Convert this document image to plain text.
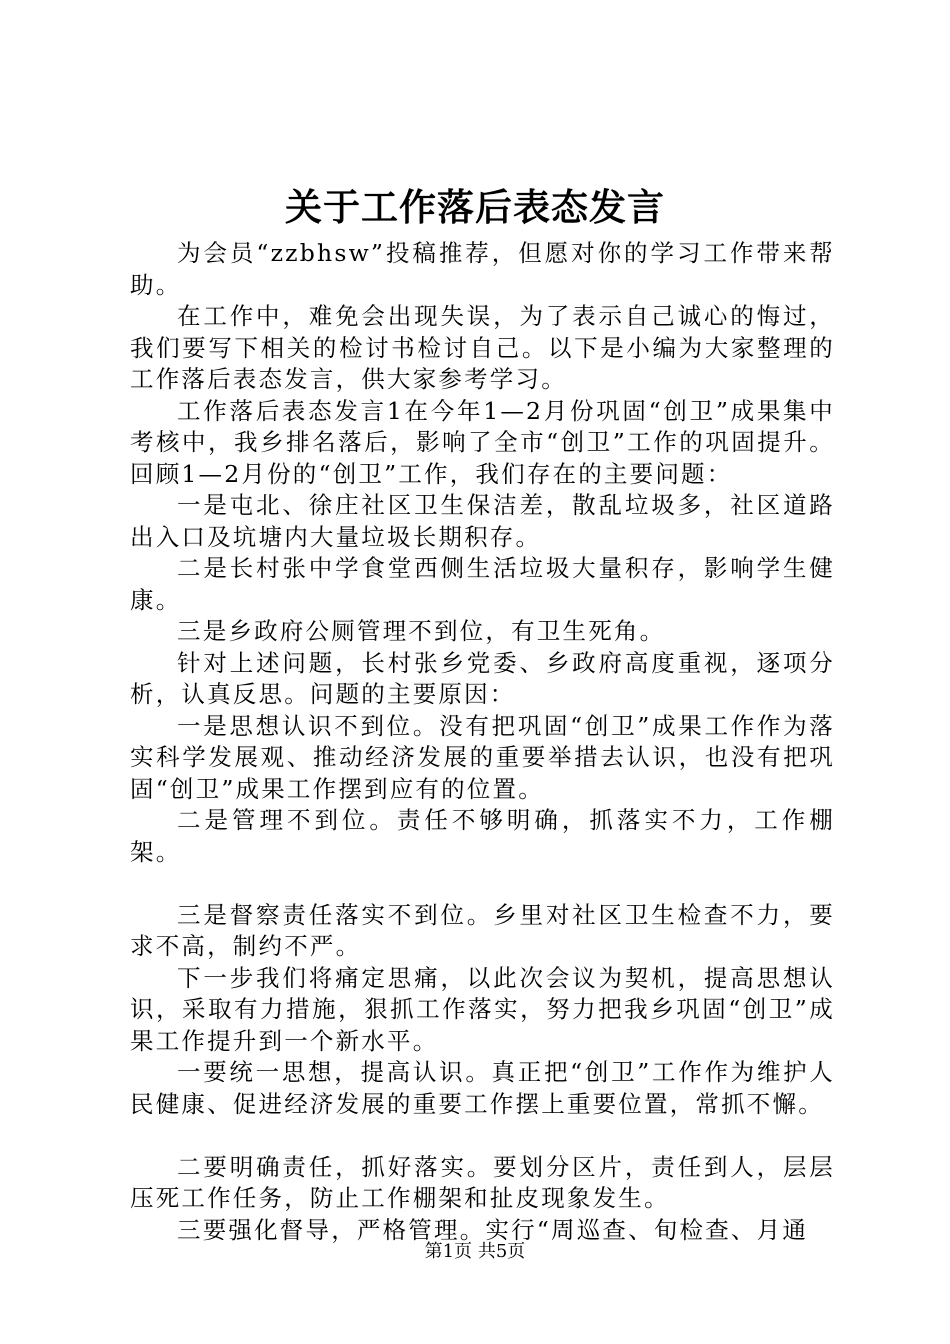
关于工作落后表态发言

为会员“zzbhsw”投稿推荐，但愿对你的学习工作带来帮助。

在工作中，难免会出现失误，为了表示自己诚心的悔过，我们要写下相关的检讨书检讨自己。以下是小编为大家整理的工作落后表态发言，供大家参考学习。

工作落后表态发言1在今年1—2月份巩固“创卫”成果集中考核中，我乡排名落后，影响了全市“创卫”工作的巩固提升。回顾1—2月份的“创卫”工作，我们存在的主要问题：

一是屯北、徐庄社区卫生保洁差，散乱垃圾多，社区道路出入口及坑塘内大量垃圾长期积存。

二是长村张中学食堂西侧生活垃圾大量积存，影响学生健康。

三是乡政府公厕管理不到位，有卫生死角。

针对上述问题，长村张乡党委、乡政府高度重视，逐项分析，认真反思。问题的主要原因：

一是思想认识不到位。没有把巩固“创卫”成果工作作为落实科学发展观、推动经济发展的重要举措去认识，也没有把巩固“创卫”成果工作摆到应有的位置。

二是管理不到位。责任不够明确，抓落实不力，工作棚架。

三是督察责任落实不到位。乡里对社区卫生检查不力，要求不高，制约不严。

下一步我们将痛定思痛，以此次会议为契机，提高思想认识，采取有力措施，狠抓工作落实，努力把我乡巩固“创卫”成果工作提升到一个新水平。

一要统一思想，提高认识。真正把“创卫”工作作为维护人民健康、促进经济发展的重要工作摆上重要位置，常抓不懈。

二要明确责任，抓好落实。要划分区片，责任到人，层层压死工作任务，防止工作棚架和扯皮现象发生。

三要强化督导，严格管理。实行“周巡查、旬检查、月通

第1页 共5页
